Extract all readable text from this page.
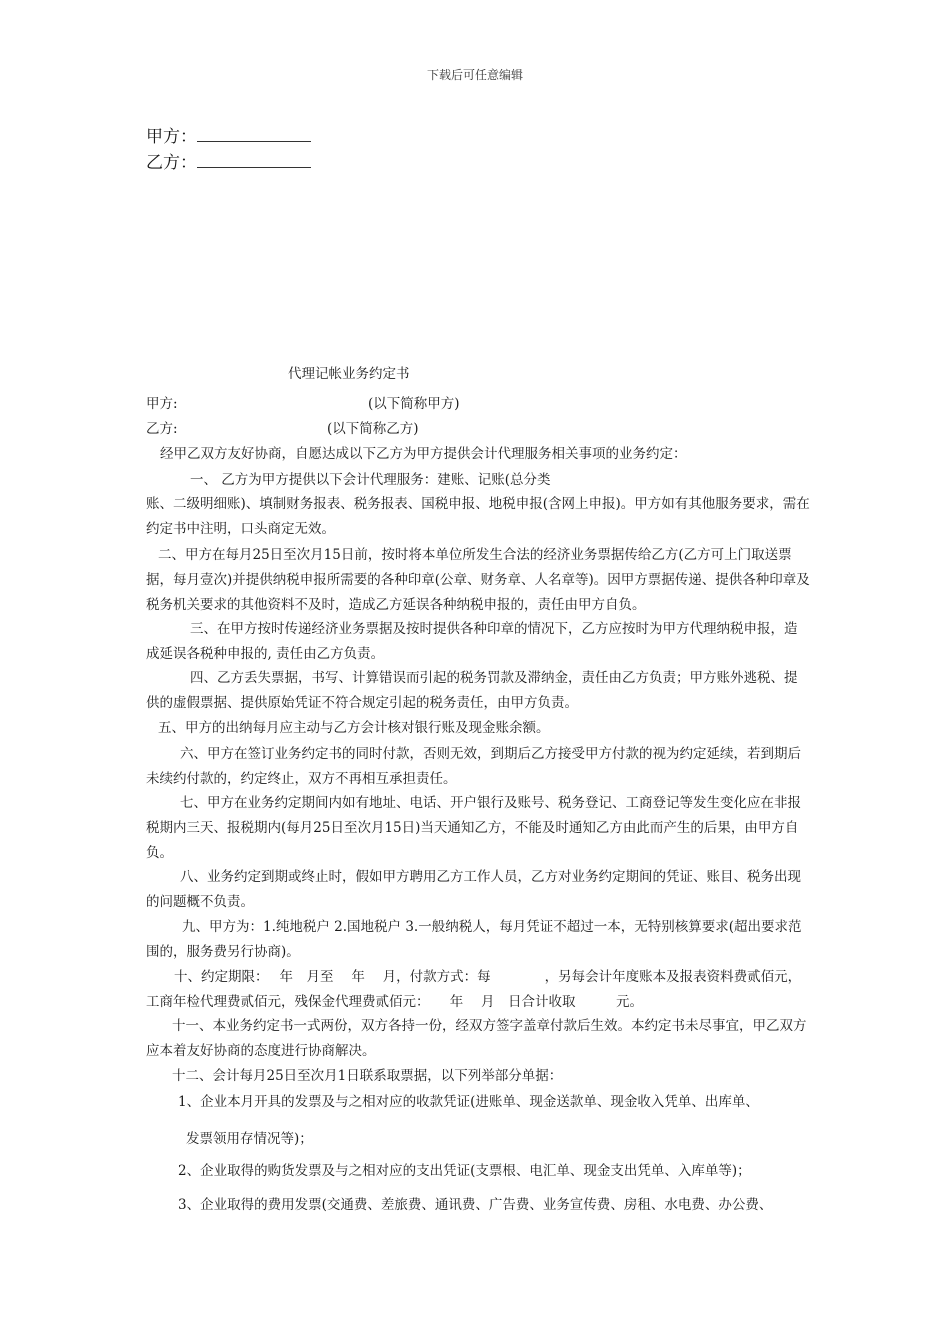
下载后可任意编辑
甲方：
乙方：
代理记帐业务约定书
甲方:	(以下简称甲方)
乙方:	(以下简称乙方)
经甲乙双方友好协商，自愿达成以下乙方为甲方提供会计代理服务相关事项的业务约定：
一、 乙方为甲方提供以下会计代理服务：建账、记账(总分类

账、二级明细账)、填制财务报表、税务报表、国税申报、地税申报(含网上申报)。甲方如有其他服务要求，需在约定书中注明，口头商定无效。

二、甲方在每月25日至次月15日前，按时将本单位所发生合法的经济业务票据传给乙方(乙方可上门取送票据，每月壹次)并提供纳税申报所需要的各种印章(公章、财务章、人名章等)。因甲方票据传递、提供各种印章及税务机关要求的其他资料不及时，造成乙方延误各种纳税申报的，责任由甲方自负。

三、在甲方按时传递经济业务票据及按时提供各种印章的情况下，乙方应按时为甲方代理纳税申报，造成延误各税种申报的, 责任由乙方负责。

四、乙方丢失票据，书写、计算错误而引起的税务罚款及滞纳金，责任由乙方负责；甲方账外逃税、提供的虚假票据、提供原始凭证不符合规定引起的税务责任，由甲方负责。

五、甲方的出纳每月应主动与乙方会计核对银行账及现金账余额。

六、甲方在签订业务约定书的同时付款，否则无效，到期后乙方接受甲方付款的视为约定延续，若到期后未续约付款的，约定终止，双方不再相互承担责任。

七、甲方在业务约定期间内如有地址、电话、开户银行及账号、税务登记、工商登记等发生变化应在非报税期内三天、报税期内(每月25日至次月15日)当天通知乙方，不能及时通知乙方由此而产生的后果，由甲方自负。

八、业务约定到期或终止时，假如甲方聘用乙方工作人员，乙方对业务约定期间的凭证、账目、税务出现的问题概不负责。

九、甲方为：1.纯地税户 2.国地税户 3.一般纳税人，每月凭证不超过一本，无特别核算要求(超出要求范围的，服务费另行协商)。

十、约定期限：　 年　月至　 年　 月，付款方式：每　　　　，另每会计年度账本及报表资料费贰佰元，工商年检代理费贰佰元，残保金代理费贰佰元：　　年　 月　日合计收取　　　元。

十一、本业务约定书一式两份，双方各持一份，经双方签字盖章付款后生效。本约定书未尽事宜，甲乙双方应本着友好协商的态度进行协商解决。

十二、会计每月25日至次月1日联系取票据，以下列举部分单据：
1、企业本月开具的发票及与之相对应的收款凭证(进账单、现金送款单、现金收入凭单、出库单、
发票领用存情况等)；
2、企业取得的购货发票及与之相对应的支出凭证(支票根、电汇单、现金支出凭单、入库单等)；
3、企业取得的费用发票(交通费、差旅费、通讯费、广告费、业务宣传费、房租、水电费、办公费、
